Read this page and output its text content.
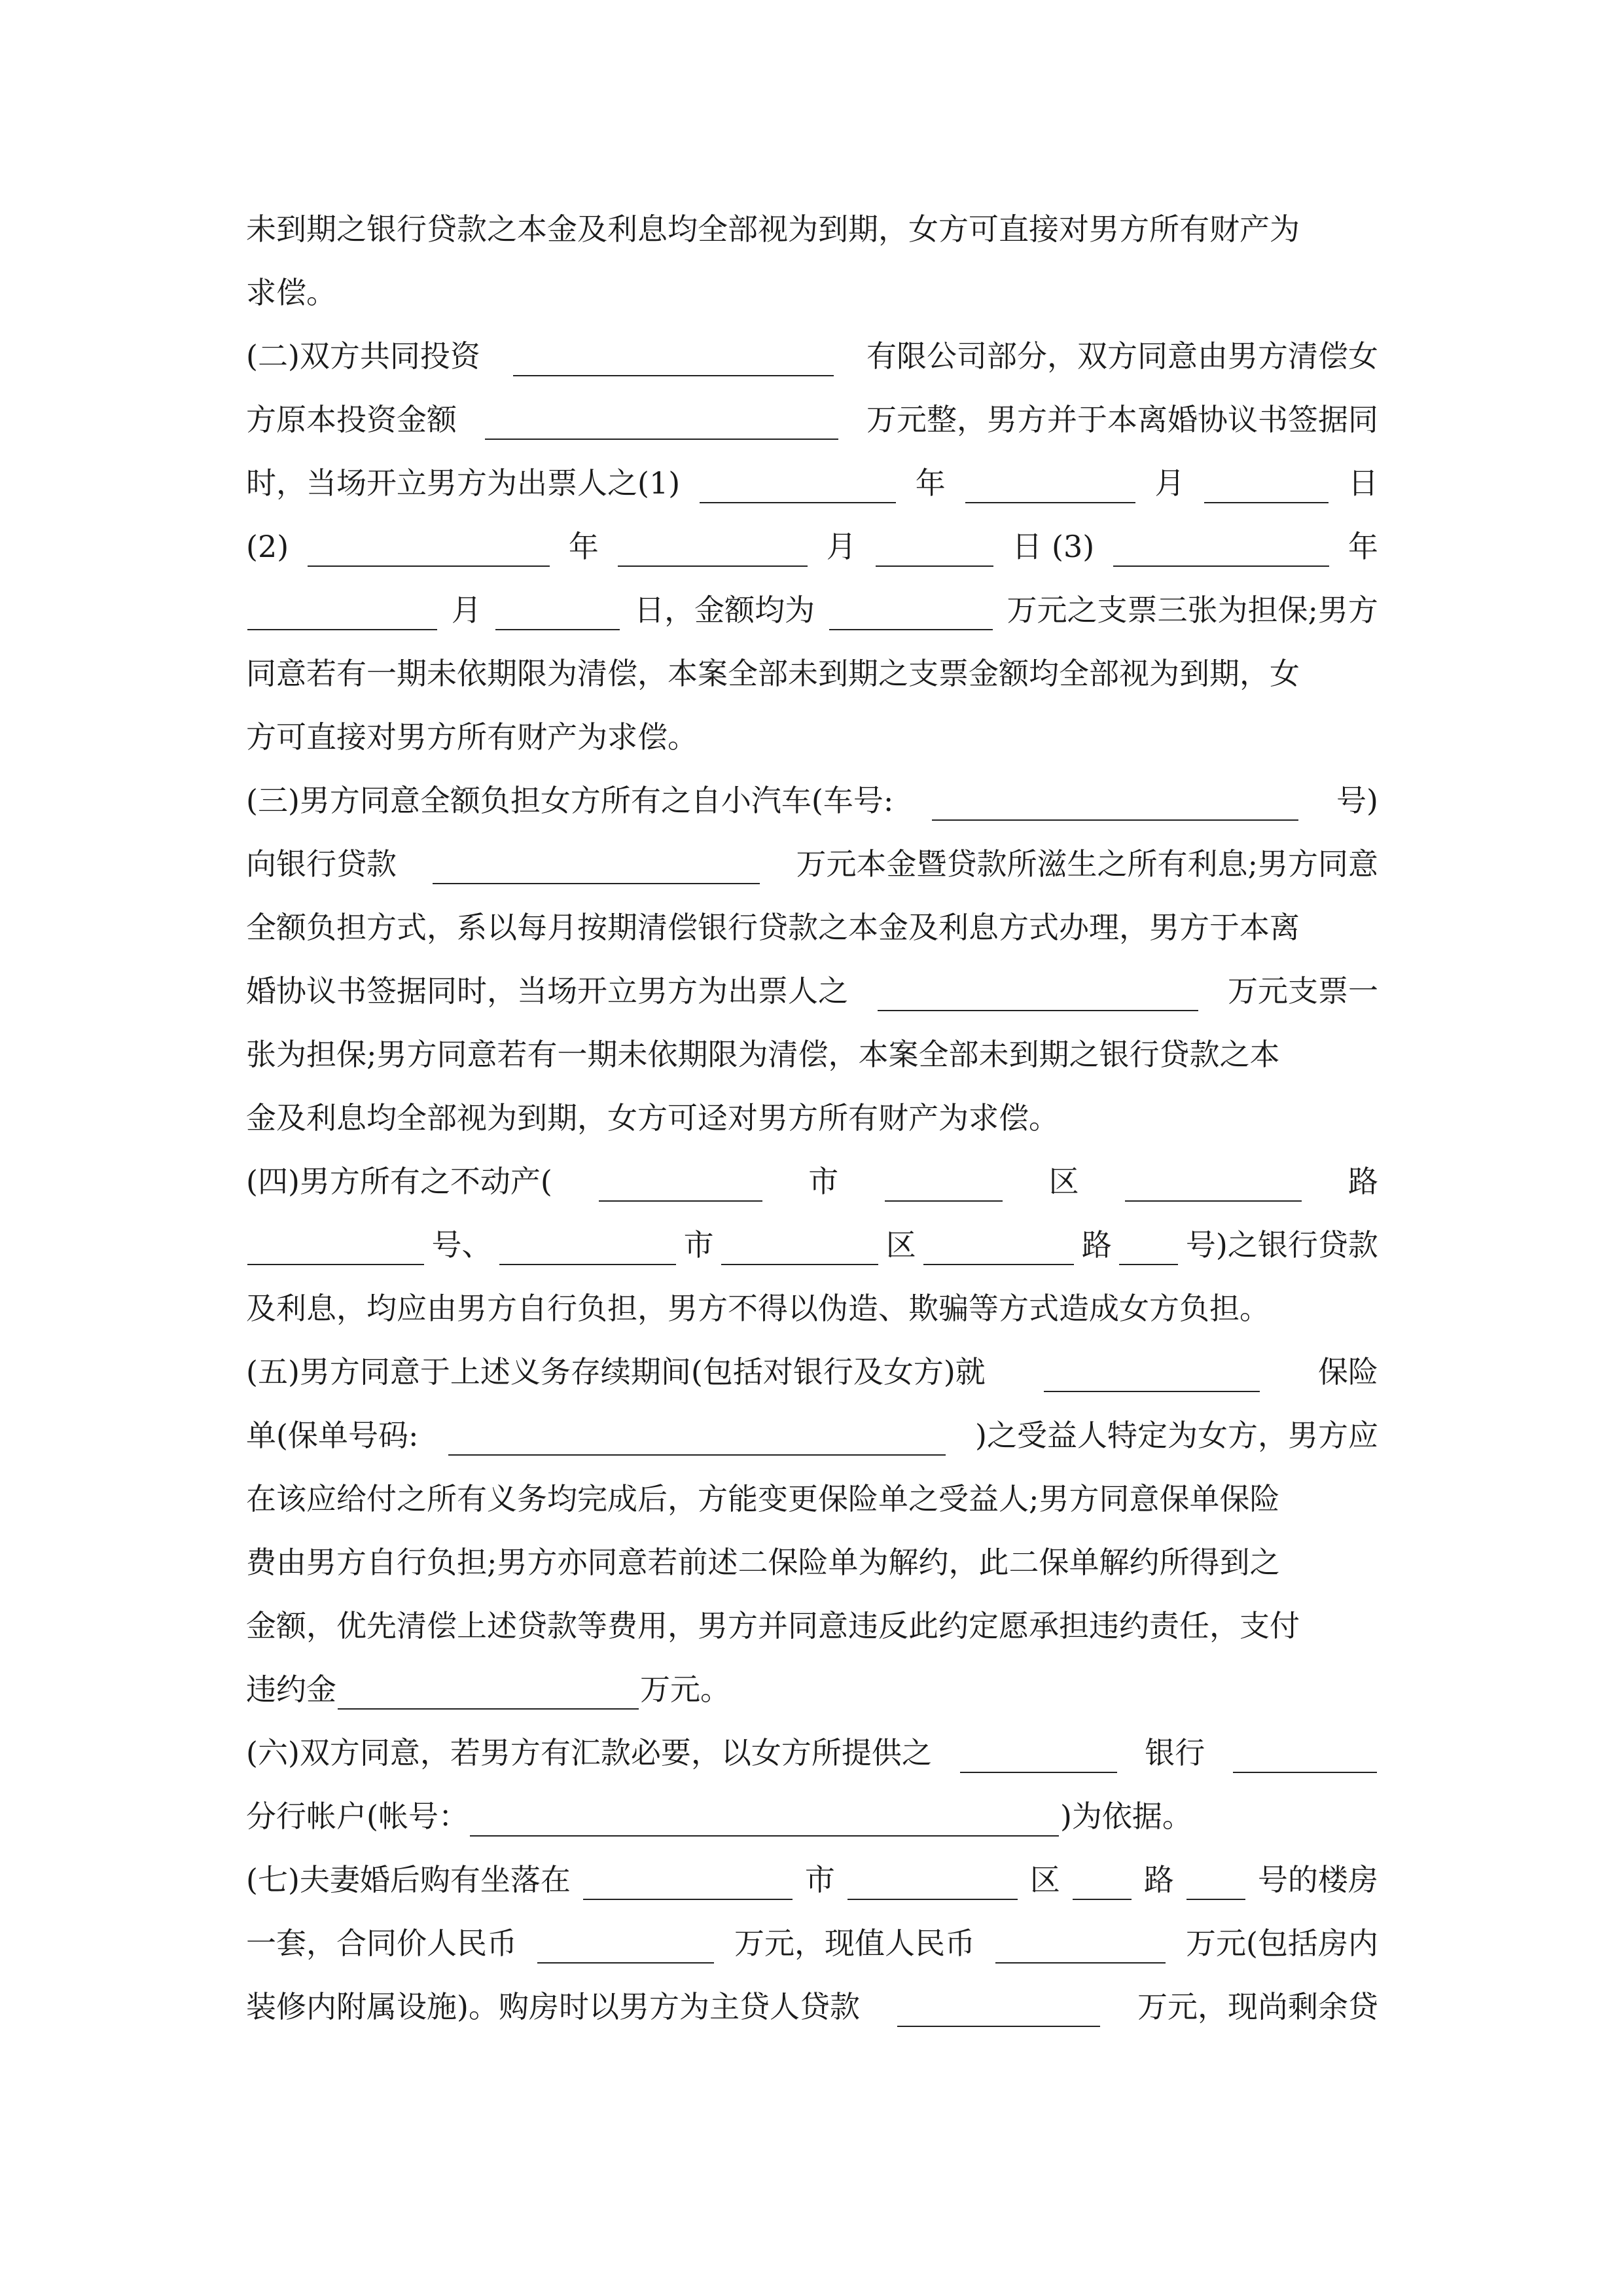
未到期之银行贷款之本金及利息均全部视为到期，女方可直接对男方所有财产为
求偿。
(二)双方共同投资	有限公司部分，双方同意由男方清偿女
方原本投资金额	万元整，男方并于本离婚协议书签据同
时，当场开立男方为出票人之(1)	年	月	日
(2)	年	月	日 (3)	年
月	日，金额均为	万元之支票三张为担保;男方
同意若有一期未依期限为清偿，本案全部未到期之支票金额均全部视为到期，女
方可直接对男方所有财产为求偿。
(三)男方同意全额负担女方所有之自小汽车(车号:	号)
向银行贷款	万元本金暨贷款所滋生之所有利息;男方同意
全额负担方式，系以每月按期清偿银行贷款之本金及利息方式办理，男方于本离
婚协议书签据同时，当场开立男方为出票人之	万元支票一
张为担保;男方同意若有一期未依期限为清偿，本案全部未到期之银行贷款之本
金及利息均全部视为到期，女方可迳对男方所有财产为求偿。
(四)男方所有之不动产(	市	区	路
号、	市	区	路 号)之银行贷款
及利息，均应由男方自行负担，男方不得以伪造、欺骗等方式造成女方负担。
(五)男方同意于上述义务存续期间(包括对银行及女方)就	保险
单(保单号码:	)之受益人特定为女方，男方应
在该应给付之所有义务均完成后，方能变更保险单之受益人;男方同意保单保险
费由男方自行负担;男方亦同意若前述二保险单为解约，此二保单解约所得到之
金额，优先清偿上述贷款等费用，男方并同意违反此约定愿承担违约责任，支付
违约金	万元。
(六)双方同意，若男方有汇款必要，以女方所提供之	银行
分行帐户(帐号：	)为依据。
(七)夫妻婚后购有坐落在	市	区	路	号的楼房
一套，合同价人民币	万元，现值人民币	万元(包括房内
装修内附属设施)。购房时以男方为主贷人贷款	万元，现尚剩余贷
